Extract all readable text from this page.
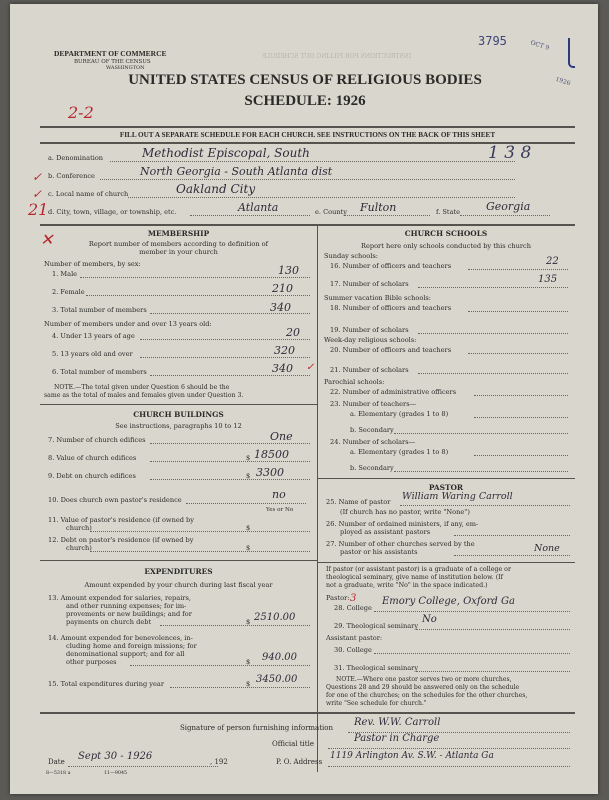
DEPARTMENT OF COMMERCE
BUREAU OF THE CENSUS
WASHINGTON
INSTRUCTIONS FOR FILLING OUT SCHEDULE
UNITED STATES CENSUS OF RELIGIOUS BODIES
SCHEDULE: 1926
3795	OCT 9
1926
2-2
FILL OUT A SEPARATE SCHEDULE FOR EACH CHURCH. SEE INSTRUCTIONS ON THE BACK OF THIS SHEET
a. Denomination	Methodist Episcopal, South	1 3 8
b. Conference	North Georgia - South Atlanta dist
c. Local name of church	Oakland City
d. City, town, village, or township, etc.	Atlanta	e. County Fulton	f. State Georgia
21
✓
✓
✕	MEMBERSHIP
Report number of members according to definition of
member in your church
Number of members, by sex:
1. Male	130
2. Female	210
3. Total number of members	340
Number of members under and over 13 years old:
4. Under 13 years of age	20
5. 13 years old and over	320
6. Total number of members	340 ✓
NOTE.—The total given under Question 6 should be the
same as the total of males and females given under Question 3.
CHURCH BUILDINGS
See instructions, paragraphs 10 to 12
7. Number of church edifices	One
8. Value of church edifices	$ 18500
9. Debt on church edifices	$ 3300
10. Does church own pastor's residence	no
Yes or No
11. Value of pastor's residence (if owned by
church)	$
12. Debt on pastor's residence (if owned by
church)	$
EXPENDITURES
Amount expended by your church during last fiscal year
13. Amount expended for salaries, repairs,
and other running expenses; for im-
provements or new buildings; and for
payments on church debt	$ 2510.00
14. Amount expended for benevolences, in-
cluding home and foreign missions; for
denominational support; and for all
other purposes	$ 940.00
15. Total expenditures during year	$ 3450.00
CHURCH SCHOOLS
Report here only schools conducted by this church
Sunday schools:
16. Number of officers and teachers	22
17. Number of scholars	135
Summer vacation Bible schools:
18. Number of officers and teachers
19. Number of scholars
Week-day religious schools:
20. Number of officers and teachers
21. Number of scholars
Parochial schools:
22. Number of administrative officers
23. Number of teachers—
a. Elementary (grades 1 to 8)
b. Secondary
24. Number of scholars—
a. Elementary (grades 1 to 8)
b. Secondary
PASTOR
25. Name of pastor William Waring Carroll
(If church has no pastor, write "None")
26. Number of ordained ministers, if any, em-
ployed as assistant pastors
27. Number of other churches served by the
pastor or his assistants	None
If pastor (or assistant pastor) is a graduate of a college or
theological seminary, give name of institution below. (If
not a graduate, write "No" in the space indicated.)
Pastor:
28. College
3	Emory College, Oxford Ga
29. Theological seminary
No
Assistant pastor:
30. College
31. Theological seminary
NOTE.—Where one pastor serves two or more churches,
Questions 28 and 29 should be answered only on the schedule
for one of the churches; on the schedules for the other churches,
write "See schedule for church."
Signature of person furnishing information Rev. W.W. Carroll
Official title	Pastor in Charge
Date Sept 30 - 1926	, 192	P. O. Address
1119 Arlington Av. S.W. - Atlanta Ga
8—5318 a	11—9045
